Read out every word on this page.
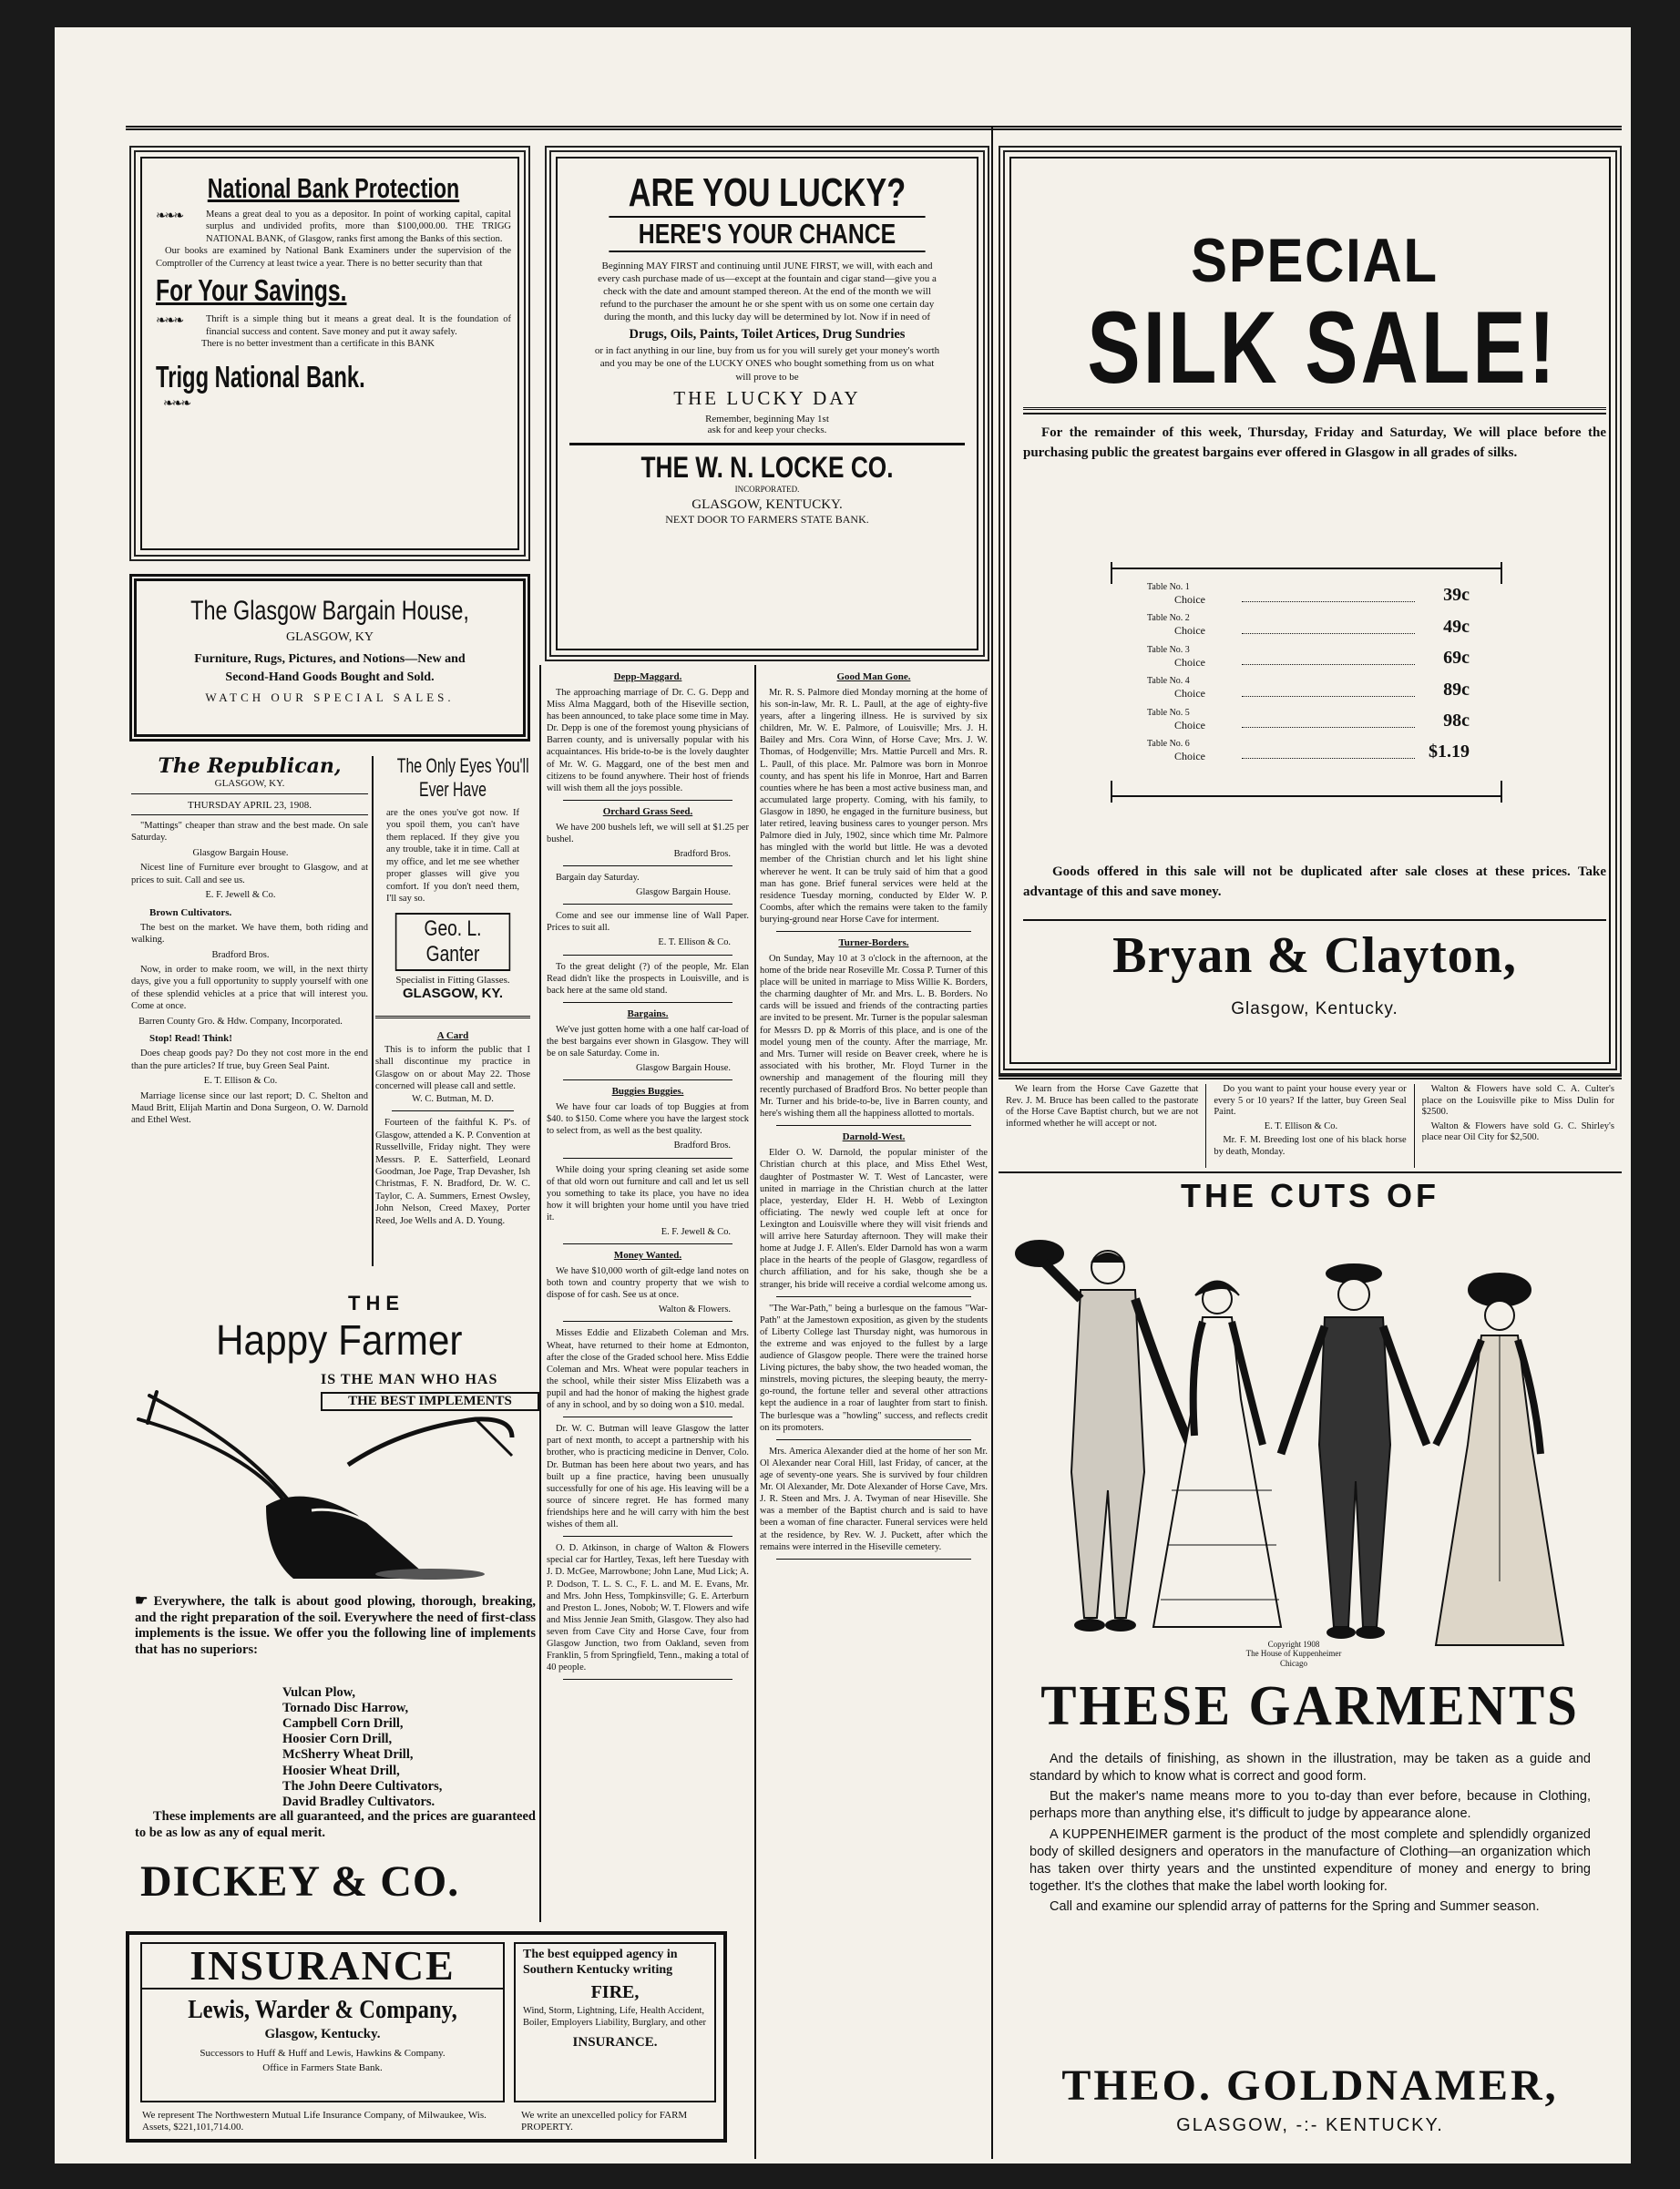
National Bank Protection
❧❧❧	Means a great deal to you as a depositor. In point of working capital, capital surplus and undivided profits, more than $100,000.00. THE TRIGG NATIONAL BANK, of Glasgow, ranks first among the Banks of this section.
Our books are examined by National Bank Examiners under the supervision of the Comptroller of the Currency at least twice a year. There is no better security than that
For Your Savings.
❧❧❧	Thrift is a simple thing but it means a great deal. It is the foundation of financial success and content. Save money and put it away safely.
There is no better investment than a certificate in this BANK
Trigg National Bank.
❧❧❧
The Glasgow Bargain House,
GLASGOW, KY
Furniture, Rugs, Pictures, and Notions—New and
Second-Hand Goods Bought and Sold.
WATCH OUR SPECIAL SALES.
The Republican,
GLASGOW, KY.
THURSDAY APRIL 23, 1908.

"Mattings" cheaper than straw and the best made. On sale Saturday.

Glasgow Bargain House.

Nicest line of Furniture ever brought to Glasgow, and at prices to suit. Call and see us.

E. F. Jewell & Co.

Brown Cultivators.

The best on the market. We have them, both riding and walking.

Bradford Bros.

Now, in order to make room, we will, in the next thirty days, give you a full opportunity to supply yourself with one of these splendid vehicles at a price that will interest you. Come at once.

Barren County Gro. & Hdw. Company, Incorporated.

Stop! Read! Think!

Does cheap goods pay? Do they not cost more in the end than the pure articles? If true, buy Green Seal Paint.

E. T. Ellison & Co.

Marriage license since our last report; D. C. Shelton and Maud Britt, Elijah Martin and Dona Surgeon, O. W. Darnold and Ethel West.

The Only Eyes You'll
Ever Have
are the ones you've got now. If you spoil them, you can't have them replaced. If they give you any trouble, take it in time. Call at my office, and let me see whether proper glasses will give you comfort. If you don't need them, I'll say so.
Geo. L. Ganter
Specialist in Fitting Glasses.
GLASGOW, KY.
A Card
This is to inform the public that I shall discontinue my practice in Glasgow on or about May 22. Those concerned will please call and settle.
W. C. Butman, M. D.
Fourteen of the faithful K. P's. of Glasgow, attended a K. P. Convention at Russellville, Friday night. They were Messrs. P. E. Satterfield, Leonard Goodman, Joe Page, Trap Devasher, Ish Christmas, F. N. Bradford, Dr. W. C. Taylor, C. A. Summers, Ernest Owsley, John Nelson, Creed Maxey, Porter Reed, Joe Wells and A. D. Young.
THE
Happy Farmer
IS THE MAN WHO HAS
THE BEST IMPLEMENTS
☛ Everywhere, the talk is about good plowing, thorough, breaking, and the right preparation of the soil. Everywhere the need of first-class implements is the issue. We offer you the following line of implements that has no superiors:
Vulcan Plow,
Tornado Disc Harrow,
Campbell Corn Drill,
Hoosier Corn Drill,
McSherry Wheat Drill,
Hoosier Wheat Drill,
The John Deere Cultivators,
David Bradley Cultivators.
These implements are all guaranteed, and the prices are guaranteed to be as low as any of equal merit.
DICKEY & CO.
INSURANCE
Lewis, Warder & Company,
Glasgow, Kentucky.
Successors to Huff & Huff and Lewis, Hawkins & Company.
Office in Farmers State Bank.
The best equipped agency in Southern Kentucky writing
FIRE,
Wind, Storm, Lightning, Life, Health Accident, Boiler, Employers Liability, Burglary, and other
INSURANCE.
We represent The Northwestern Mutual Life Insurance Company, of Milwaukee, Wis. Assets, $221,101,714.00.
We write an unexcelled policy for FARM PROPERTY.
ARE YOU LUCKY?
HERE'S YOUR CHANCE
Beginning MAY FIRST and continuing until JUNE FIRST, we will, with each and every cash purchase made of us—except at the fountain and cigar stand—give you a check with the date and amount stamped thereon. At the end of the month we will refund to the purchaser the amount he or she spent with us on some one certain day during the month, and this lucky day will be determined by lot. Now if in need of
Drugs, Oils, Paints, Toilet Artices, Drug Sundries
or in fact anything in our line, buy from us for you will surely get your money's worth and you may be one of the LUCKY ONES who bought something from us on what will prove to be
THE LUCKY DAY
Remember, beginning May 1st
ask for and keep your checks.
THE W. N. LOCKE CO.
INCORPORATED.
GLASGOW, KENTUCKY.
NEXT DOOR TO FARMERS STATE BANK.
Depp-Maggard.

The approaching marriage of Dr. C. G. Depp and Miss Alma Maggard, both of the Hiseville section, has been announced, to take place some time in May. Dr. Depp is one of the foremost young physicians of Barren county, and is universally popular with his acquaintances. His bride-to-be is the lovely daughter of Mr. W. G. Maggard, one of the best men and citizens to be found anywhere. Their host of friends will wish them all the joys possible.

Orchard Grass Seed.

We have 200 bushels left, we will sell at $1.25 per bushel.

Bradford Bros.

Bargain day Saturday.

Glasgow Bargain House.

Come and see our immense line of Wall Paper. Prices to suit all.

E. T. Ellison & Co.

To the great delight (?) of the people, Mr. Elan Read didn't like the prospects in Louisville, and is back here at the same old stand.

Bargains.

We've just gotten home with a one half car-load of the best bargains ever shown in Glasgow. They will be on sale Saturday. Come in.

Glasgow Bargain House.

Buggies Buggies.

We have four car loads of top Buggies at from $40. to $150. Come where you have the largest stock to select from, as well as the best quality.

Bradford Bros.

While doing your spring cleaning set aside some of that old worn out furniture and call and let us sell you something to take its place, you have no idea how it will brighten your home until you have tried it.

E. F. Jewell & Co.

Money Wanted.

We have $10,000 worth of gilt-edge land notes on both town and country property that we wish to dispose of for cash. See us at once.

Walton & Flowers.

Misses Eddie and Elizabeth Coleman and Mrs. Wheat, have returned to their home at Edmonton, after the close of the Graded school here. Miss Eddie Coleman and Mrs. Wheat were popular teachers in the school, while their sister Miss Elizabeth was a pupil and had the honor of making the highest grade of any in school, and by so doing won a $10. medal.

Dr. W. C. Butman will leave Glasgow the latter part of next month, to accept a partnership with his brother, who is practicing medicine in Denver, Colo. Dr. Butman has been here about two years, and has built up a fine practice, having been unusually successfully for one of his age. His leaving will be a source of sincere regret. He has formed many friendships here and he will carry with him the best wishes of them all.

O. D. Atkinson, in charge of Walton & Flowers special car for Hartley, Texas, left here Tuesday with J. D. McGee, Marrowbone; John Lane, Mud Lick; A. P. Dodson, T. L. S. C., F. L. and M. E. Evans, Mr. and Mrs. John Hess, Tompkinsville; G. E. Arterburn and Preston L. Jones, Nobob; W. T. Flowers and wife and Miss Jennie Jean Smith, Glasgow. They also had seven from Cave City and Horse Cave, four from Glasgow Junction, two from Oakland, seven from Franklin, 5 from Springfield, Tenn., making a total of 40 people.

Good Man Gone.

Mr. R. S. Palmore died Monday morning at the home of his son-in-law, Mr. R. L. Paull, at the age of eighty-five years, after a lingering illness. He is survived by six children, Mr. W. E. Palmore, of Louisville; Mrs. J. H. Bailey and Mrs. Cora Winn, of Horse Cave; Mrs. J. W. Thomas, of Hodgenville; Mrs. Mattie Purcell and Mrs. R. L. Paull, of this place. Mr. Palmore was born in Monroe county, and has spent his life in Monroe, Hart and Barren counties where he has been a most active business man, and accumulated large property. Coming, with his family, to Glasgow in 1890, he engaged in the furniture business, but later retired, leaving business cares to younger person. Mrs Palmore died in July, 1902, since which time Mr. Palmore has mingled with the world but little. He was a devoted member of the Christian church and let his light shine wherever he went. It can be truly said of him that a good man has gone. Brief funeral services were held at the residence Tuesday morning, conducted by Elder W. P. Coombs, after which the remains were taken to the family burying-ground near Horse Cave for interment.

Turner-Borders.

On Sunday, May 10 at 3 o'clock in the afternoon, at the home of the bride near Roseville Mr. Cossa P. Turner of this place will be united in marriage to Miss Willie K. Borders, the charming daughter of Mr. and Mrs. L. B. Borders. No cards will be issued and friends of the contracting parties are invited to be present. Mr. Turner is the popular salesman for Messrs D. pp & Morris of this place, and is one of the model young men of the county. After the marriage, Mr. and Mrs. Turner will reside on Beaver creek, where he is associated with his brother, Mr. Floyd Turner in the ownership and management of the flouring mill they recently purchased of Bradford Bros. No better people than Mr. Turner and his bride-to-be, live in Barren county, and here's wishing them all the happiness allotted to mortals.

Darnold-West.

Elder O. W. Darnold, the popular minister of the Christian church at this place, and Miss Ethel West, daughter of Postmaster W. T. West of Lancaster, were united in marriage in the Christian church at the latter place, yesterday, Elder H. H. Webb of Lexington officiating. The newly wed couple left at once for Lexington and Louisville where they will visit friends and will arrive here Saturday afternoon. They will make their home at Judge J. F. Allen's. Elder Darnold has won a warm place in the hearts of the people of Glasgow, regardless of church affiliation, and for his sake, though she be a stranger, his bride will receive a cordial welcome among us.

"The War-Path," being a burlesque on the famous "War-Path" at the Jamestown exposition, as given by the students of Liberty College last Thursday night, was humorous in the extreme and was enjoyed to the fullest by a large audience of Glasgow people. There were the trained horse Living pictures, the baby show, the two headed woman, the minstrels, moving pictures, the sleeping beauty, the merry-go-round, the fortune teller and several other attractions kept the audience in a roar of laughter from start to finish. The burlesque was a "howling" success, and reflects credit on its promoters.

Mrs. America Alexander died at the home of her son Mr. Ol Alexander near Coral Hill, last Friday, of cancer, at the age of seventy-one years. She is survived by four children Mr. Ol Alexander, Mr. Dote Alexander of Horse Cave, Mrs. J. R. Steen and Mrs. J. A. Twyman of near Hiseville. She was a member of the Baptist church and is said to have been a woman of fine character. Funeral services were held at the residence, by Rev. W. J. Puckett, after which the remains were interred in the Hiseville cemetery.

SPECIAL
SILK SALE!
For the remainder of this week, Thursday, Friday and Saturday, We will place before the purchasing public the greatest bargains ever offered in Glasgow in all grades of silks.
Table No. 1
Choice	39c
Table No. 2
Choice	49c
Table No. 3
Choice	69c
Table No. 4
Choice	89c
Table No. 5
Choice	98c
Table No. 6
Choice	$1.19
Goods offered in this sale will not be duplicated after sale closes at these prices. Take advantage of this and save money.
Bryan & Clayton,
Glasgow, Kentucky.

We learn from the Horse Cave Gazette that Rev. J. M. Bruce has been called to the pastorate of the Horse Cave Baptist church, but we are not informed whether he will accept or not.

Do you want to paint your house every year or every 5 or 10 years? If the latter, buy Green Seal Paint.

E. T. Ellison & Co.

Mr. F. M. Breeding lost one of his black horse by death, Monday.

Walton & Flowers have sold C. A. Culter's place on the Louisville pike to Miss Dulin for $2500.

Walton & Flowers have sold G. C. Shirley's place near Oil City for $2,500.

THE CUTS OF
Copyright 1908
The House of Kuppenheimer
Chicago
THESE GARMENTS

And the details of finishing, as shown in the illustration, may be taken as a guide and standard by which to know what is correct and good form.

But the maker's name means more to you to-day than ever before, because in Clothing, perhaps more than anything else, it's difficult to judge by appearance alone.

A KUPPENHEIMER garment is the product of the most complete and splendidly organized body of skilled designers and operators in the manufacture of Clothing—an organization which has taken over thirty years and the unstinted expenditure of money and energy to bring together. It's the clothes that make the label worth looking for.

Call and examine our splendid array of patterns for the Spring and Summer season.

THEO. GOLDNAMER,
GLASGOW, -:- KENTUCKY.
